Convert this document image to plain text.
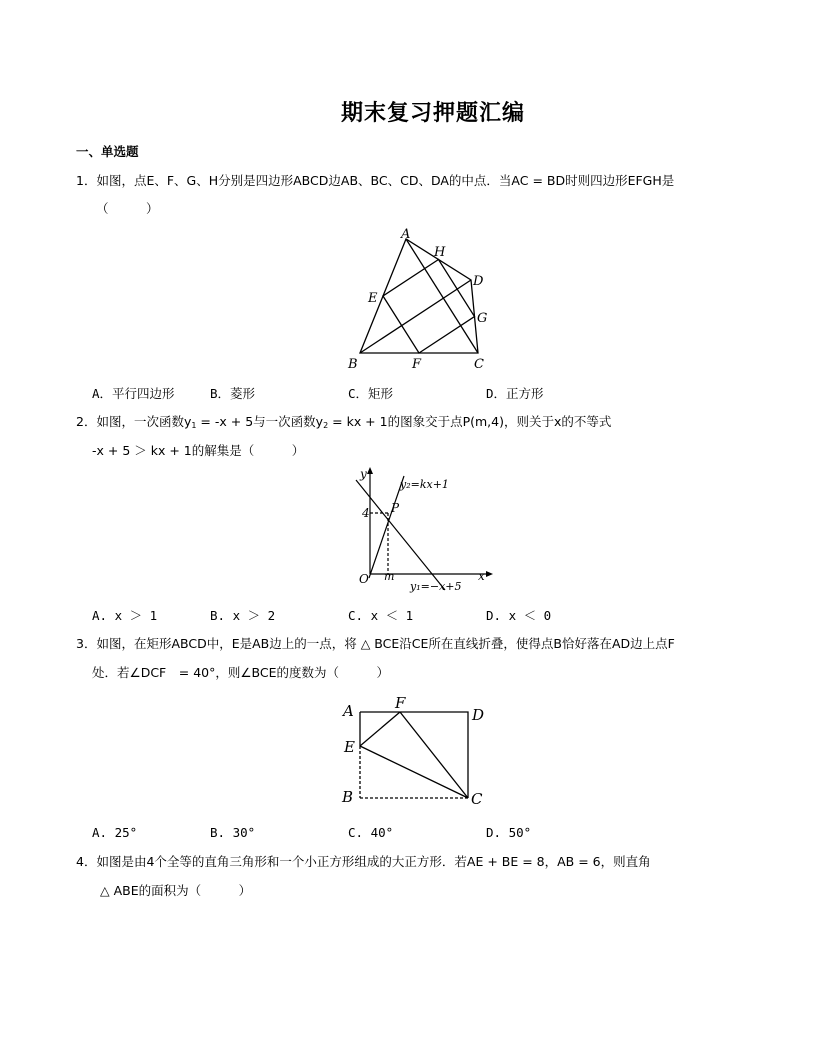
期末复习押题汇编
一、单选题
1．如图，点E、F、G、H分别是四边形ABCD边AB、BC、CD、DA的中点．当AC = BD时则四边形EFGH是
（　　　）
A
B	C
D
E
F
G
H
A．平行四边形	B．菱形	C．矩形	D．正方形
2．如图，一次函数$y_1 = -x + 5$与一次函数$y_2$ = kx + 1的图象交于点P(m,4)，则关于x的不等式
-x + 5 ＞ kx + 1的解集是（　　　）
y
x
O
4 P
m
y₂=kx+1
y₁=−x+5
A. x ＞ 1	B. x ＞ 2	C. x ＜ 1	D. x ＜ 0
3．如图，在矩形ABCD中，E是AB边上的一点，将 △ BCE沿CE所在直线折叠，使得点B恰好落在AD边上点F
处．若∠DCF　= 40°，则∠BCE的度数为（　　　）
A
B	C
D
E
F
A. 25°	B. 30°	C. 40°	D. 50°
4．如图是由4个全等的直角三角形和一个小正方形组成的大正方形．若AE + BE = 8，AB = 6，则直角
△ ABE的面积为（　　　）
